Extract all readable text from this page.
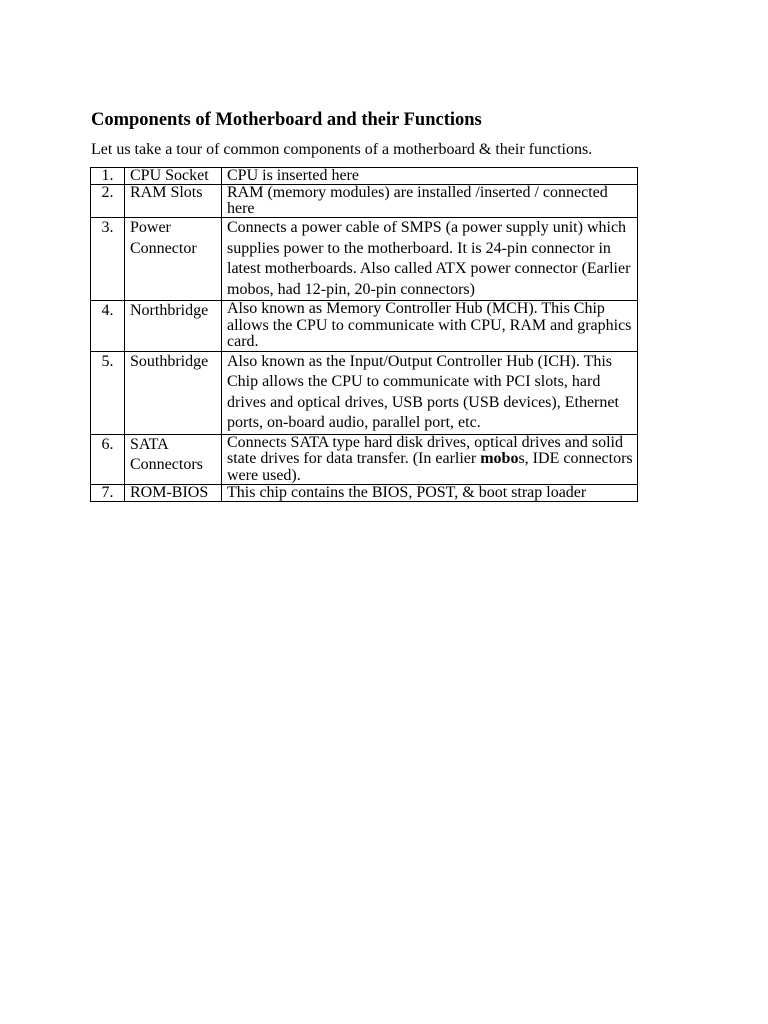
Components of Motherboard and their Functions

Let us take a tour of common components of a motherboard & their functions.

1.	CPU Socket	CPU is inserted here
2.	RAM Slots	RAM (memory modules) are installed /inserted / connected here
3.	Power Connector	Connects a power cable of SMPS (a power supply unit) which supplies power to the motherboard. It is 24-pin connector in latest motherboards. Also called ATX power connector (Earlier mobos, had 12-pin, 20-pin connectors)
4.	Northbridge	Also known as Memory Controller Hub (MCH). This Chip allows the CPU to communicate with CPU, RAM and graphics card.
5.	Southbridge	Also known as the Input/Output Controller Hub (ICH). This Chip allows the CPU to communicate with PCI slots, hard drives and optical drives, USB ports (USB devices), Ethernet ports, on-board audio, parallel port, etc.
6.	SATA Connectors	Connects SATA type hard disk drives, optical drives and solid state drives for data transfer. (In earlier mobos, IDE connectors were used).
7.	ROM-BIOS	This chip contains the BIOS, POST, & boot strap loader
